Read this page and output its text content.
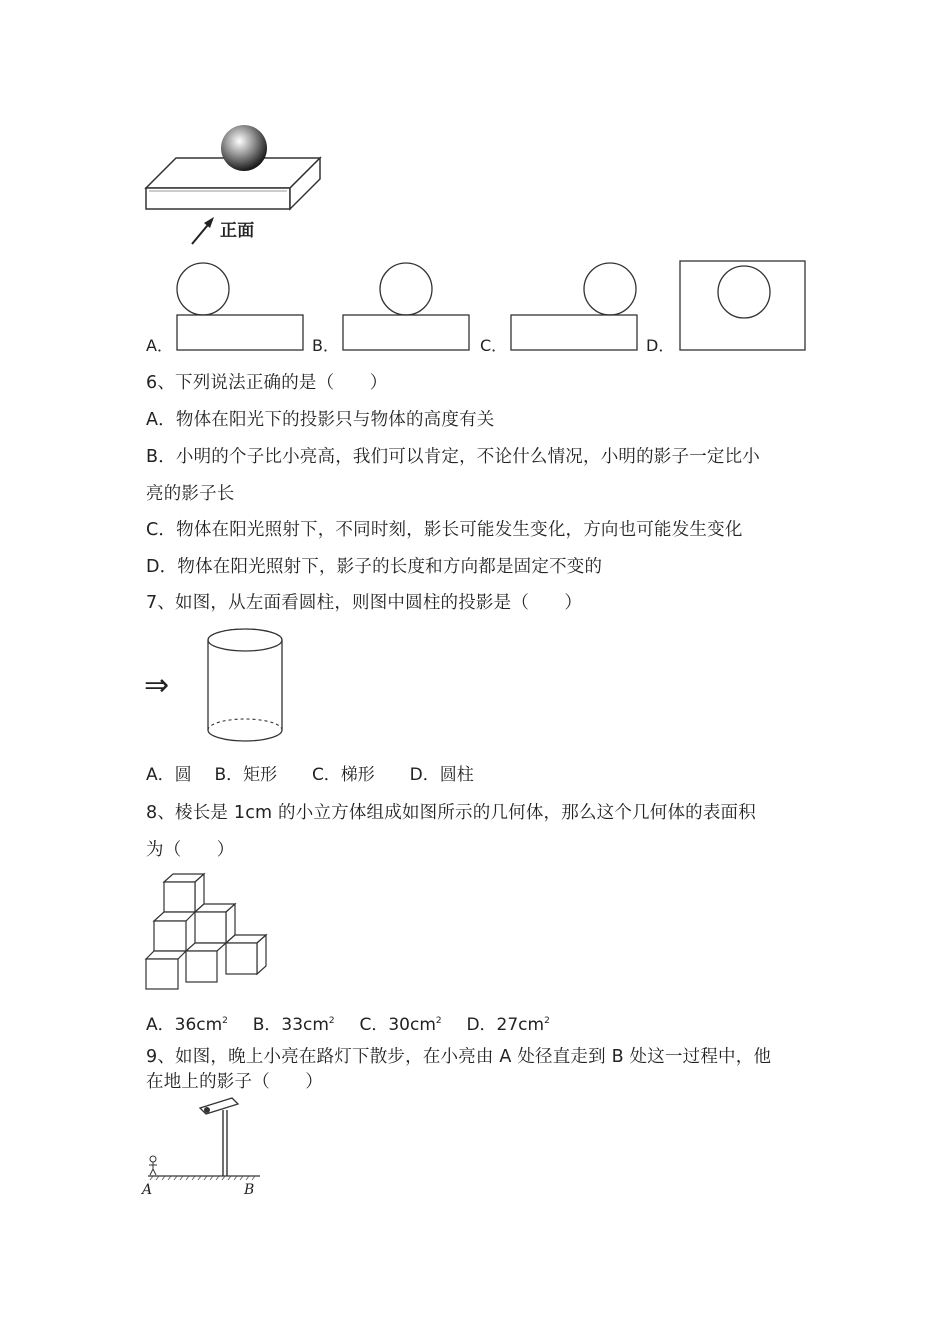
正面
A．	B．	C．	D．
6、下列说法正确的是（　　）
A．物体在阳光下的投影只与物体的高度有关
B．小明的个子比小亮高，我们可以肯定，不论什么情况，小明的影子一定比小
亮的影子长
C．物体在阳光照射下，不同时刻，影长可能发生变化，方向也可能发生变化
D．物体在阳光照射下，影子的长度和方向都是固定不变的
7、如图，从左面看圆柱，则图中圆柱的投影是（　　）
⇒
A．圆 B．矩形 C．梯形 D．圆柱
8、棱长是 1cm 的小立方体组成如图所示的几何体，那么这个几何体的表面积
为（　　）
A．$36cm^2$ B．$33cm^2$ C．$30cm^2$ D．$27cm^2$
9、如图，晚上小亮在路灯下散步，在小亮由 A 处径直走到 B 处这一过程中，他
在地上的影子（　　）
A	B
